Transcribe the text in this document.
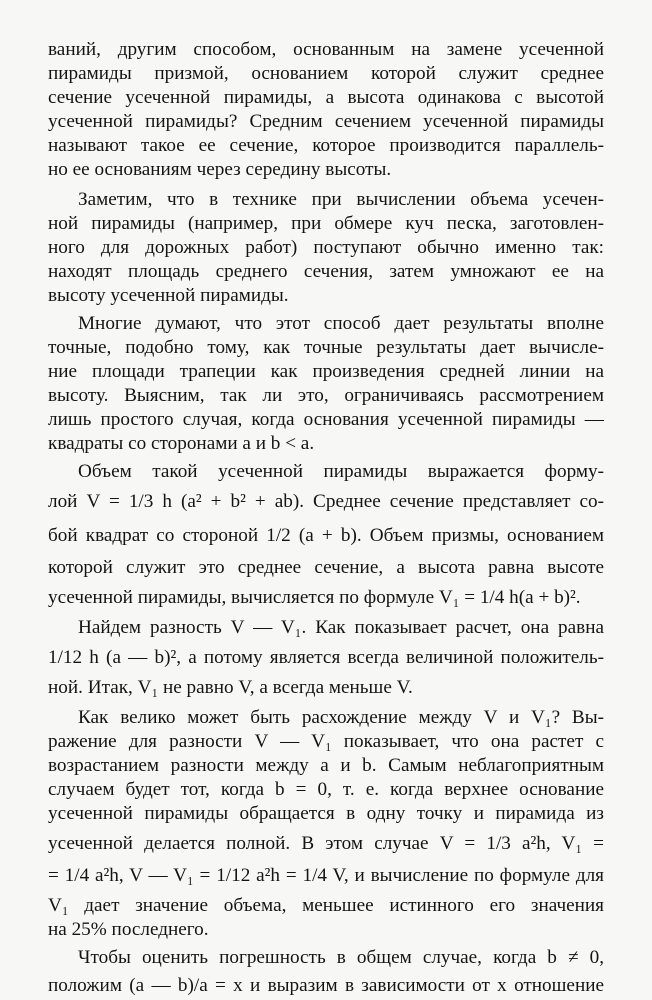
ваний, другим способом, основанным на замене усеченной
пирамиды призмой, основанием которой служит среднее
сечение усеченной пирамиды, а высота одинакова с высотой
усеченной пирамиды? Средним сечением усеченной пирамиды
называют такое ее сечение, которое производится параллель-
но ее основаниям через середину высоты.
Заметим, что в технике при вычислении объема усечен-
ной пирамиды (например, при обмере куч песка, заготовлен-
ного для дорожных работ) поступают обычно именно так:
находят площадь среднего сечения, затем умножают ее на
высоту усеченной пирамиды.
Многие думают, что этот способ дает результаты вполне
точные, подобно тому, как точные результаты дает вычисле-
ние площади трапеции как произведения средней линии на
высоту. Выясним, так ли это, ограничиваясь рассмотрением
лишь простого случая, когда основания усеченной пирамиды —
квадраты со сторонами a и b < a.
Объем такой усеченной пирамиды выражается форму-
лой V = 1/3 h (a² + b² + ab). Среднее сечение представляет со-
бой квадрат со стороной 1/2 (a + b). Объем призмы, основанием
которой служит это среднее сечение, а высота равна высоте
усеченной пирамиды, вычисляется по формуле V₁ = 1/4 h(a + b)².
Найдем разность V — V₁. Как показывает расчет, она равна
1/12 h (a — b)², а потому является всегда величиной положитель-
ной. Итак, V₁ не равно V, а всегда меньше V.
Как велико может быть расхождение между V и V₁? Вы-
ражение для разности V — V₁ показывает, что она растет с
возрастанием разности между a и b. Самым неблагоприятным
случаем будет тот, когда b = 0, т. е. когда верхнее основание
усеченной пирамиды обращается в одну точку и пирамида из
усеченной делается полной. В этом случае V = 1/3 a²h, V₁ =
= 1/4 a²h, V — V₁ = 1/12 a²h = 1/4 V, и вычисление по формуле для
V₁ дает значение объема, меньшее истинного его значения
на 25% последнего.
Чтобы оценить погрешность в общем случае, когда b ≠ 0,
положим (a — b)/a = x и выразим в зависимости от x отношение
